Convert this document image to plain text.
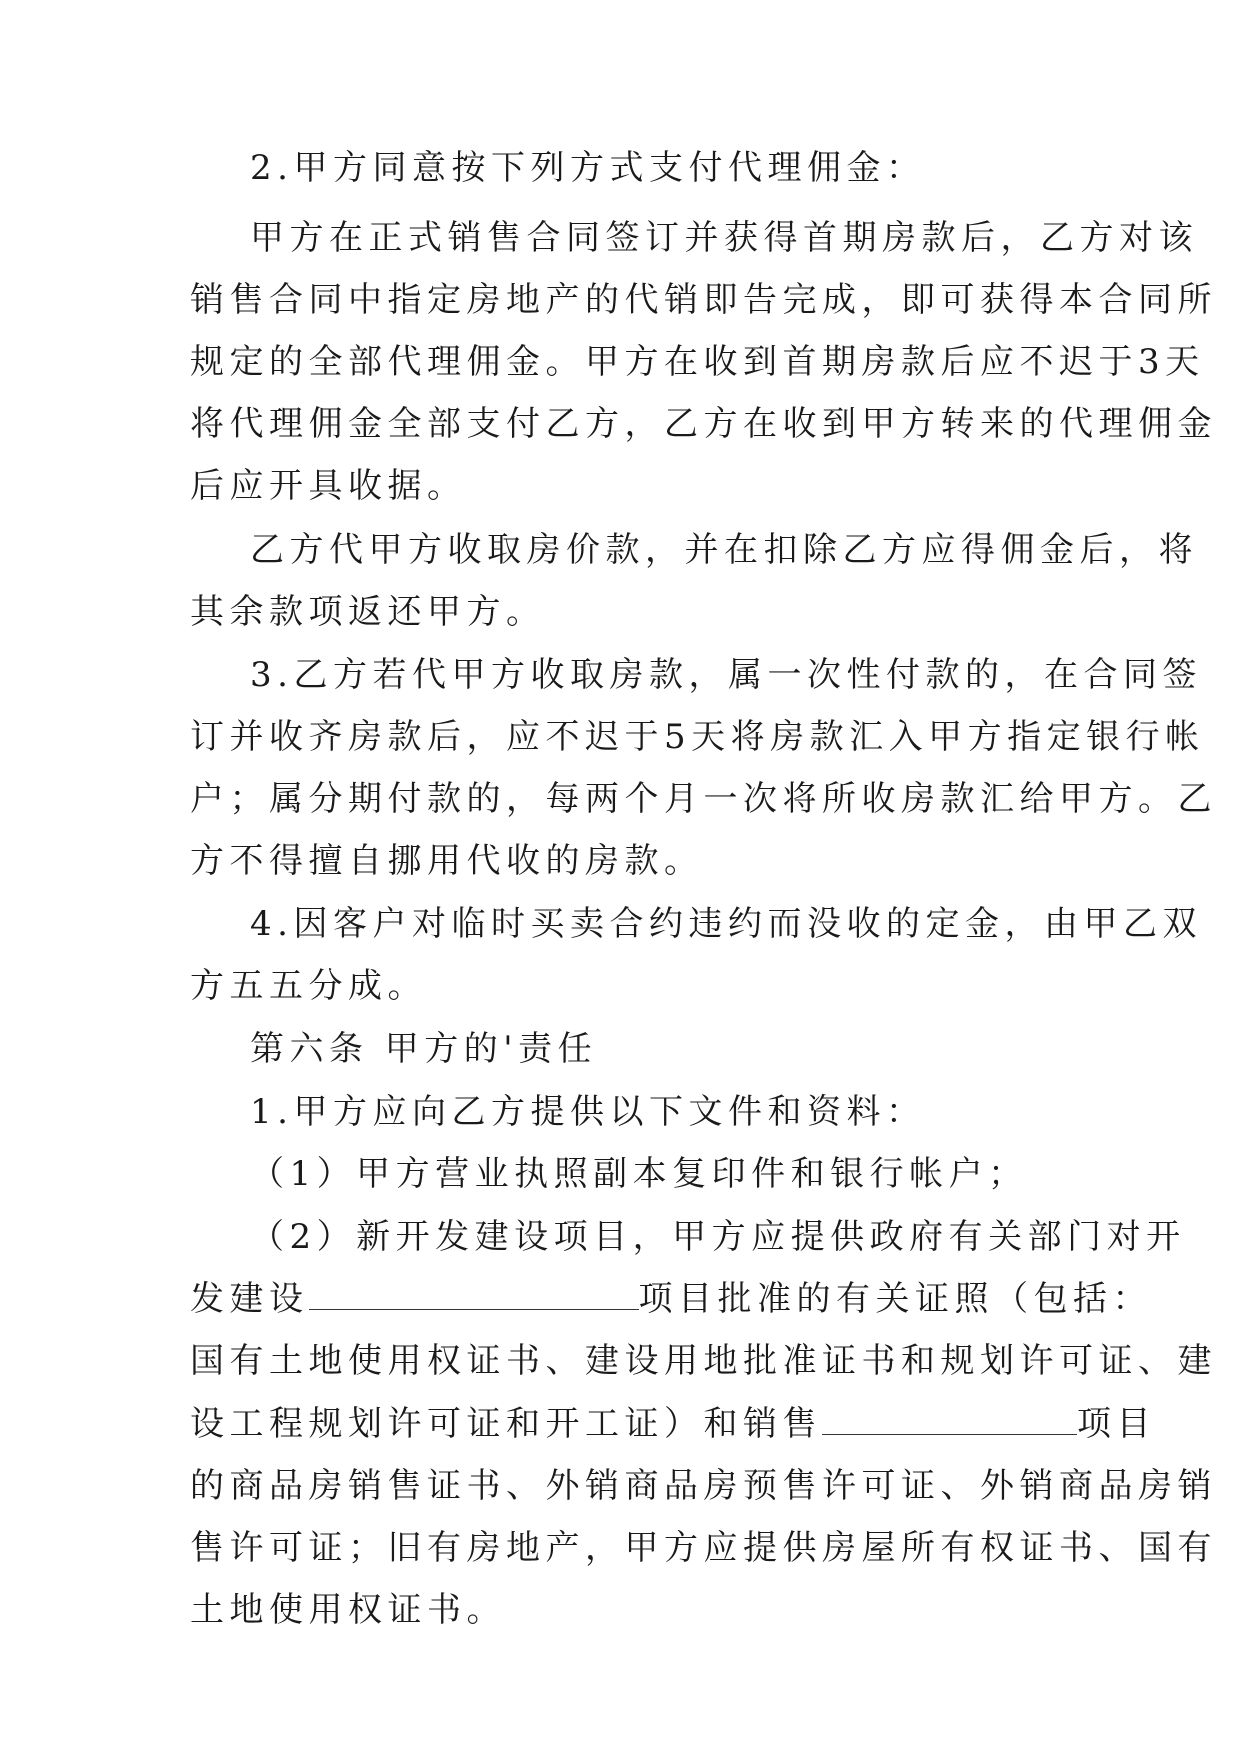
2.甲方同意按下列方式支付代理佣金：
甲方在正式销售合同签订并获得首期房款后，乙方对该
销售合同中指定房地产的代销即告完成，即可获得本合同所
规定的全部代理佣金。甲方在收到首期房款后应不迟于3天
将代理佣金全部支付乙方，乙方在收到甲方转来的代理佣金
后应开具收据。
乙方代甲方收取房价款，并在扣除乙方应得佣金后，将
其余款项返还甲方。
3.乙方若代甲方收取房款，属一次性付款的，在合同签
订并收齐房款后，应不迟于5天将房款汇入甲方指定银行帐
户；属分期付款的，每两个月一次将所收房款汇给甲方。乙
方不得擅自挪用代收的房款。
4.因客户对临时买卖合约违约而没收的定金，由甲乙双
方五五分成。
第六条 甲方的'责任
1.甲方应向乙方提供以下文件和资料：
（1）甲方营业执照副本复印件和银行帐户；
（2）新开发建设项目，甲方应提供政府有关部门对开
发建设	项目批准的有关证照（包括：
国有土地使用权证书、建设用地批准证书和规划许可证、建
设工程规划许可证和开工证）和销售	项目
的商品房销售证书、外销商品房预售许可证、外销商品房销
售许可证；旧有房地产，甲方应提供房屋所有权证书、国有
土地使用权证书。
